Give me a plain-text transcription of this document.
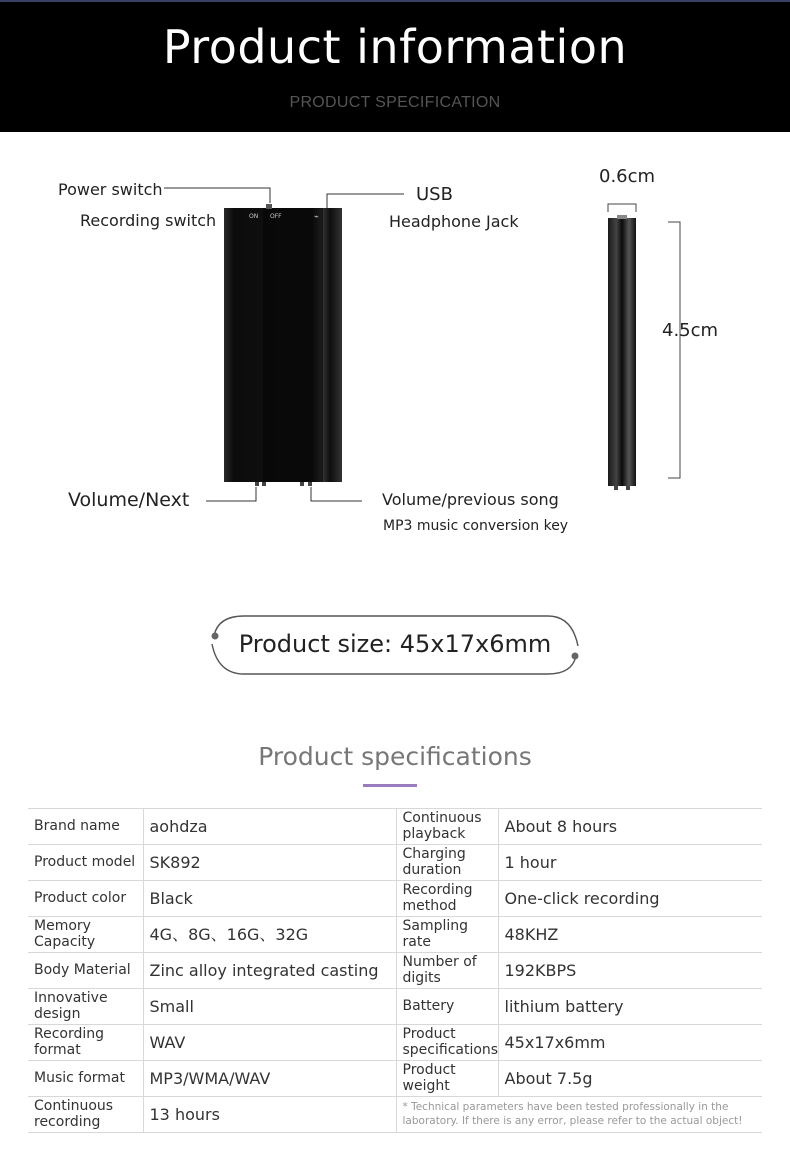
Product information
PRODUCT SPECIFICATION
ON OFF	⌁
Power switch
Recording switch
USB
Headphone Jack
Volume/Next	Volume/previous song
MP3 music conversion key
0.6cm
4.5cm
Product size: 45x17x6mm
Product specifications
Brand name	aohdza	Continuous playback	About 8 hours
Product model	SK892	Charging duration	1 hour
Product color	Black	Recording method	One-click recording
Memory Capacity	4G、8G、16G、32G	Sampling rate	48KHZ
Body Material	Zinc alloy integrated casting	Number of digits	192KBPS
Innovative design	Small	Battery	lithium battery
Recording format	WAV	Product specifications	45x17x6mm
Music format	MP3/WMA/WAV	Product weight	About 7.5g
Continuous recording	13 hours	* Technical parameters have been tested professionally in the laboratory. If there is any error, please refer to the actual object!	
